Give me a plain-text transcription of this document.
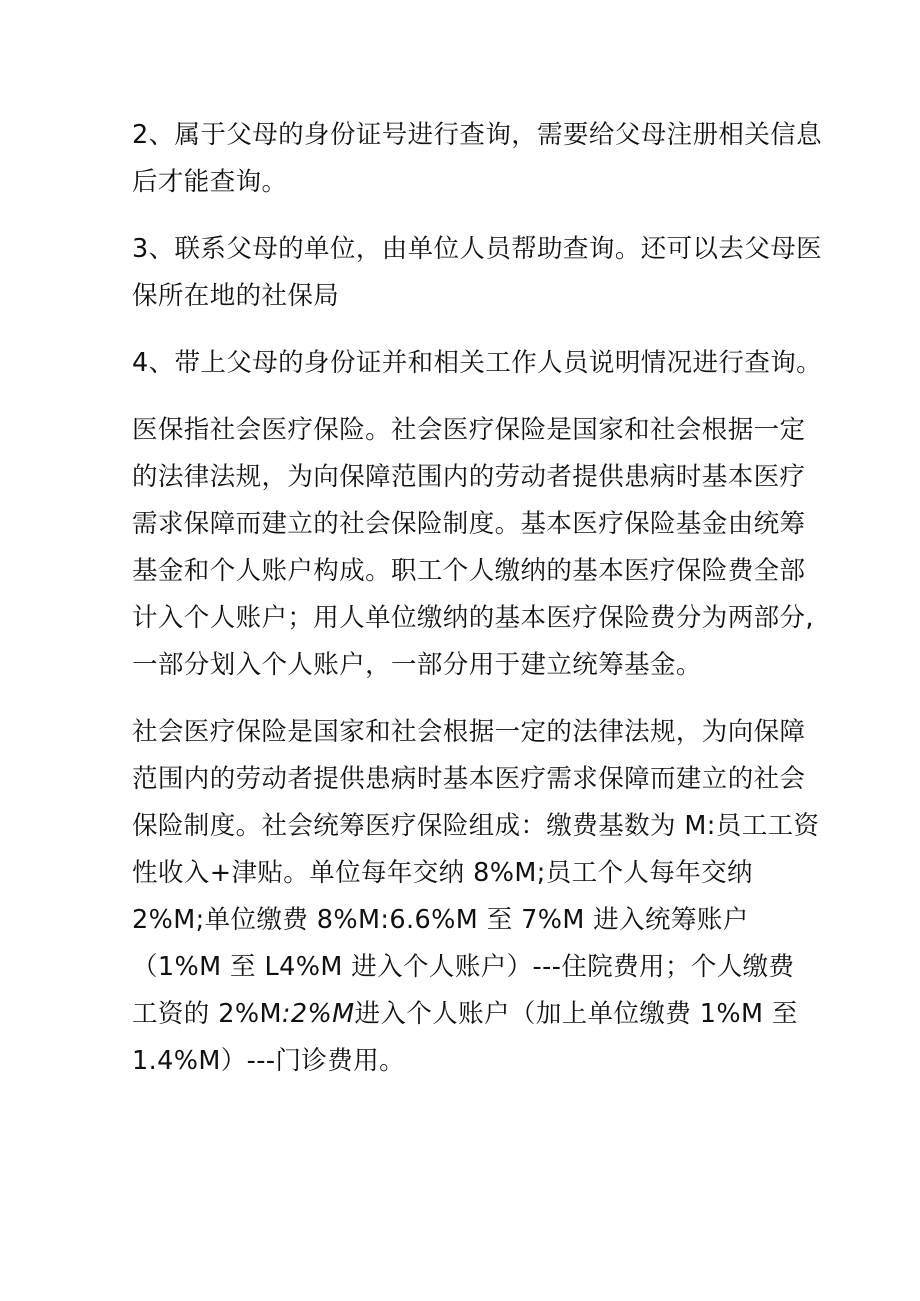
2、属于父母的身份证号进行查询，需要给父母注册相关信息
后才能查询。

3、联系父母的单位，由单位人员帮助查询。还可以去父母医
保所在地的社保局

4、带上父母的身份证并和相关工作人员说明情况进行查询。

医保指社会医疗保险。社会医疗保险是国家和社会根据一定
的法律法规，为向保障范围内的劳动者提供患病时基本医疗
需求保障而建立的社会保险制度。基本医疗保险基金由统筹
基金和个人账户构成。职工个人缴纳的基本医疗保险费全部
计入个人账户；用人单位缴纳的基本医疗保险费分为两部分,
一部分划入个人账户，一部分用于建立统筹基金。

社会医疗保险是国家和社会根据一定的法律法规，为向保障
范围内的劳动者提供患病时基本医疗需求保障而建立的社会
保险制度。社会统筹医疗保险组成：缴费基数为 M:员工工资
性收入+津贴。单位每年交纳 8%M;员工个人每年交纳
2%M;单位缴费 8%M:6.6%M 至 7%M 进入统筹账户
（1%M 至 L4%M 进入个人账户）---住院费用；个人缴费
工资的 2%M:2%M进入个人账户（加上单位缴费 1%M 至
1.4%M）---门诊费用。
